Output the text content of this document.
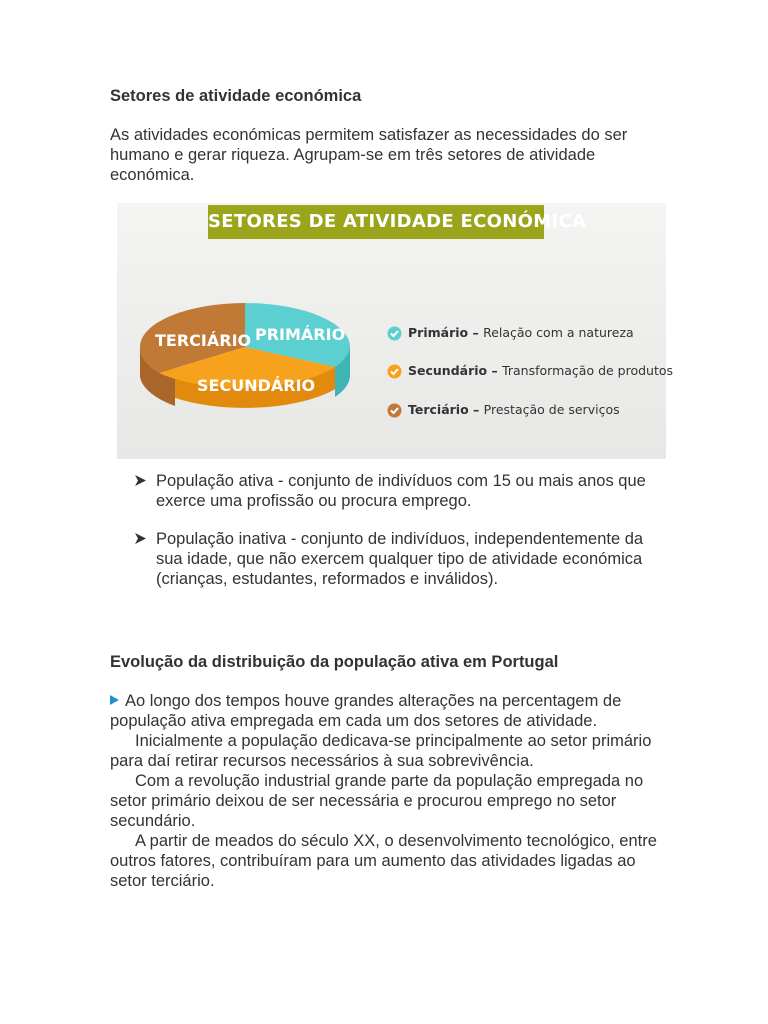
Setores de atividade económica
As atividades económicas permitem satisfazer as necessidades do ser
humano e gerar riqueza. Agrupam-se em três setores de atividade
económica.
SETORES DE ATIVIDADE ECONÓMICA
TERCIÁRIO PRIMÁRIO
SECUNDÁRIO
Primário – Relação com a natureza
Secundário – Transformação de produtos
Terciário – Prestação de serviços
População ativa - conjunto de indivíduos com 15 ou mais anos que
exerce uma profissão ou procura emprego.
População inativa - conjunto de indivíduos, independentemente da
sua idade, que não exercem qualquer tipo de atividade económica
(crianças, estudantes, reformados e inválidos).
Evolução da distribuição da população ativa em Portugal
Ao longo dos tempos houve grandes alterações na percentagem de
população ativa empregada em cada um dos setores de atividade.
Inicialmente a população dedicava-se principalmente ao setor primário
para daí retirar recursos necessários à sua sobrevivência.
Com a revolução industrial grande parte da população empregada no
setor primário deixou de ser necessária e procurou emprego no setor
secundário.
A partir de meados do século XX, o desenvolvimento tecnológico, entre
outros fatores, contribuíram para um aumento das atividades ligadas ao
setor terciário.
